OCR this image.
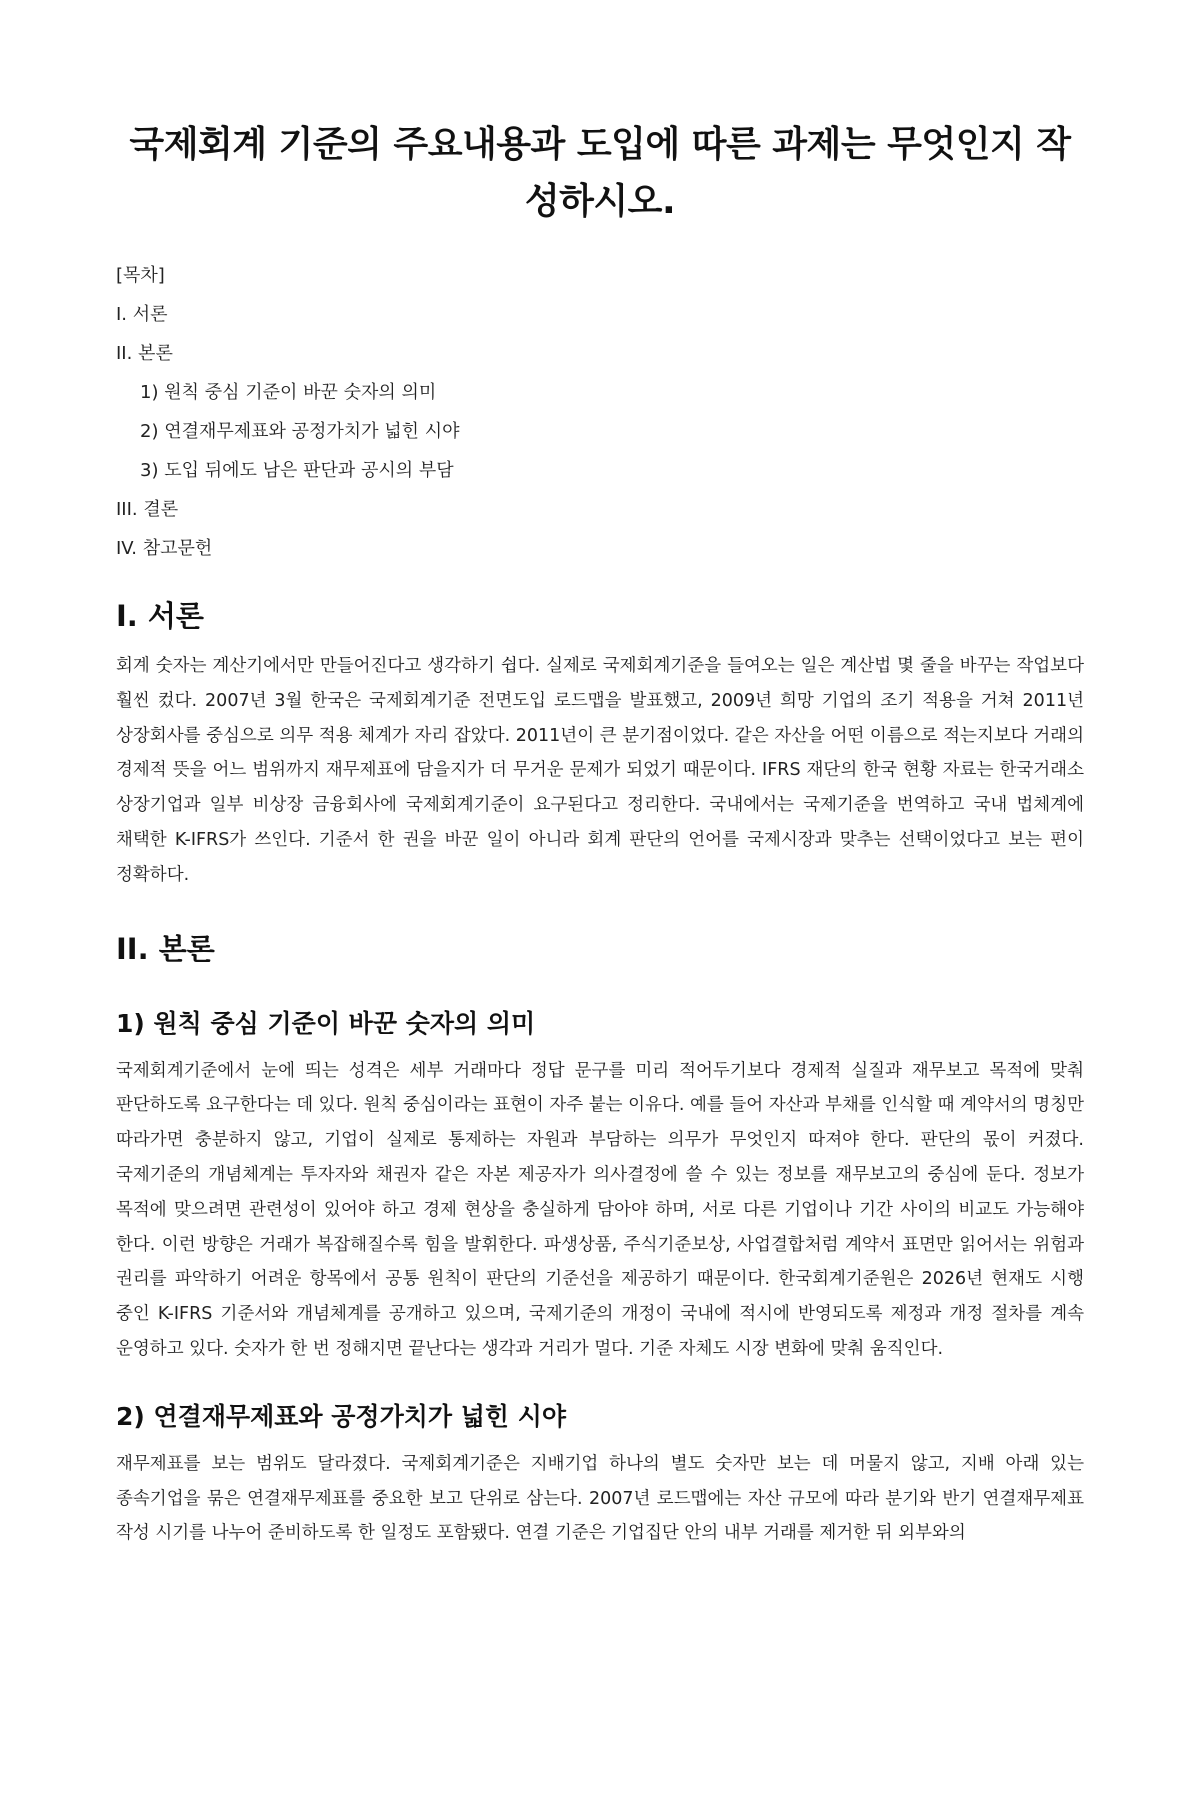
국제회계 기준의 주요내용과 도입에 따른 과제는 무엇인지 작성하시오.
[목차]
I. 서론
II. 본론
1) 원칙 중심 기준이 바꾼 숫자의 의미
2) 연결재무제표와 공정가치가 넓힌 시야
3) 도입 뒤에도 남은 판단과 공시의 부담
III. 결론
IV. 참고문헌
I. 서론

회계 숫자는 계산기에서만 만들어진다고 생각하기 쉽다. 실제로 국제회계기준을 들여오는 일은 계산법 몇 줄을 바꾸는 작업보다 훨씬 컸다. 2007년 3월 한국은 국제회계기준 전면도입 로드맵을 발표했고, 2009년 희망 기업의 조기 적용을 거쳐 2011년 상장회사를 중심으로 의무 적용 체계가 자리 잡았다. 2011년이 큰 분기점이었다. 같은 자산을 어떤 이름으로 적는지보다 거래의 경제적 뜻을 어느 범위까지 재무제표에 담을지가 더 무거운 문제가 되었기 때문이다. IFRS 재단의 한국 현황 자료는 한국거래소 상장기업과 일부 비상장 금융회사에 국제회계기준이 요구된다고 정리한다. 국내에서는 국제기준을 번역하고 국내 법체계에 채택한 K-IFRS가 쓰인다. 기준서 한 권을 바꾼 일이 아니라 회계 판단의 언어를 국제시장과 맞추는 선택이었다고 보는 편이 정확하다.

II. 본론
1) 원칙 중심 기준이 바꾼 숫자의 의미

국제회계기준에서 눈에 띄는 성격은 세부 거래마다 정답 문구를 미리 적어두기보다 경제적 실질과 재무보고 목적에 맞춰 판단하도록 요구한다는 데 있다. 원칙 중심이라는 표현이 자주 붙는 이유다. 예를 들어 자산과 부채를 인식할 때 계약서의 명칭만 따라가면 충분하지 않고, 기업이 실제로 통제하는 자원과 부담하는 의무가 무엇인지 따져야 한다. 판단의 몫이 커졌다. 국제기준의 개념체계는 투자자와 채권자 같은 자본 제공자가 의사결정에 쓸 수 있는 정보를 재무보고의 중심에 둔다. 정보가 목적에 맞으려면 관련성이 있어야 하고 경제 현상을 충실하게 담아야 하며, 서로 다른 기업이나 기간 사이의 비교도 가능해야 한다. 이런 방향은 거래가 복잡해질수록 힘을 발휘한다. 파생상품, 주식기준보상, 사업결합처럼 계약서 표면만 읽어서는 위험과 권리를 파악하기 어려운 항목에서 공통 원칙이 판단의 기준선을 제공하기 때문이다. 한국회계기준원은 2026년 현재도 시행 중인 K-IFRS 기준서와 개념체계를 공개하고 있으며, 국제기준의 개정이 국내에 적시에 반영되도록 제정과 개정 절차를 계속 운영하고 있다. 숫자가 한 번 정해지면 끝난다는 생각과 거리가 멀다. 기준 자체도 시장 변화에 맞춰 움직인다.

2) 연결재무제표와 공정가치가 넓힌 시야

재무제표를 보는 범위도 달라졌다. 국제회계기준은 지배기업 하나의 별도 숫자만 보는 데 머물지 않고, 지배 아래 있는 종속기업을 묶은 연결재무제표를 중요한 보고 단위로 삼는다. 2007년 로드맵에는 자산 규모에 따라 분기와 반기 연결재무제표 작성 시기를 나누어 준비하도록 한 일정도 포함됐다. 연결 기준은 기업집단 안의 내부 거래를 제거한 뒤 외부와의
